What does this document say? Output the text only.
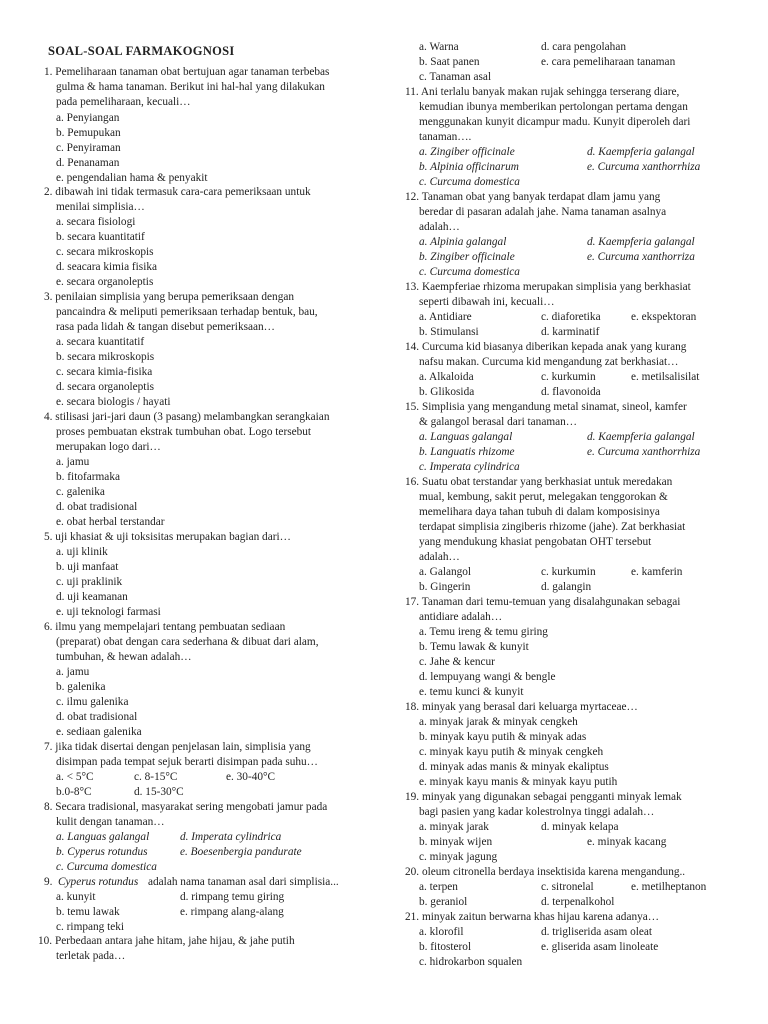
SOAL-SOAL FARMAKOGNOSI
1. Pemeliharaan tanaman obat bertujuan agar tanaman terbebas
gulma & hama tanaman. Berikut ini hal-hal yang dilakukan
pada pemeliharaan, kecuali…
a. Penyiangan
b. Pemupukan
c. Penyiraman
d. Penanaman
e. pengendalian hama & penyakit
2. dibawah ini tidak termasuk cara-cara pemeriksaan untuk
menilai simplisia…
a. secara fisiologi
b. secara kuantitatif
c. secara mikroskopis
d. seacara kimia fisika
e. secara organoleptis
3. penilaian simplisia yang berupa pemeriksaan dengan
pancaindra & meliputi pemeriksaan terhadap bentuk, bau,
rasa pada lidah & tangan disebut pemeriksaan…
a. secara kuantitatif
b. secara mikroskopis
c. secara kimia-fisika
d. secara organoleptis
e. secara biologis / hayati
4. stilisasi jari-jari daun (3 pasang) melambangkan serangkaian
proses pembuatan ekstrak tumbuhan obat. Logo tersebut
merupakan logo dari…
a. jamu
b. fitofarmaka
c. galenika
d. obat tradisional
e. obat herbal terstandar
5. uji khasiat & uji toksisitas merupakan bagian dari…
a. uji klinik
b. uji manfaat
c. uji praklinik
d. uji keamanan
e. uji teknologi farmasi
6. ilmu yang mempelajari tentang pembuatan sediaan
(preparat) obat dengan cara sederhana & dibuat dari alam,
tumbuhan, & hewan adalah…
a. jamu
b. galenika
c. ilmu galenika
d. obat tradisional
e. sediaan galenika
7. jika tidak disertai dengan penjelasan lain, simplisia yang
disimpan pada tempat sejuk berarti disimpan pada suhu…
a. < 5°C	c. 8-15°C	e. 30-40°C
b.0-8°C	d. 15-30°C
8. Secara tradisional, masyarakat sering mengobati jamur pada
kulit dengan tanaman…
a. Languas galangal	d. Imperata cylindrica
b. Cyperus rotundus	e. Boesenbergia pandurate
c. Curcuma domestica
9. Cyperus rotundus adalah nama tanaman asal dari simplisia...
a. kunyit	d. rimpang temu giring
b. temu lawak	e. rimpang alang-alang
c. rimpang teki
10. Perbedaan antara jahe hitam, jahe hijau, & jahe putih
terletak pada…
a. Warna	d. cara pengolahan
b. Saat panen	e. cara pemeliharaan tanaman
c. Tanaman asal
11. Ani terlalu banyak makan rujak sehingga terserang diare,
kemudian ibunya memberikan pertolongan pertama dengan
menggunakan kunyit dicampur madu. Kunyit diperoleh dari
tanaman….
a. Zingiber officinale	d. Kaempferia galangal
b. Alpinia officinarum	e. Curcuma xanthorrhiza
c. Curcuma domestica
12. Tanaman obat yang banyak terdapat dlam jamu yang
beredar di pasaran adalah jahe. Nama tanaman asalnya
adalah…
a. Alpinia galangal	d. Kaempferia galangal
b. Zingiber officinale	e. Curcuma xanthorriza
c. Curcuma domestica
13. Kaempferiae rhizoma merupakan simplisia yang berkhasiat
seperti dibawah ini, kecuali…
a. Antidiare	c. diaforetika	e. ekspektoran
b. Stimulansi	d. karminatif
14. Curcuma kid biasanya diberikan kepada anak yang kurang
nafsu makan. Curcuma kid mengandung zat berkhasiat…
a. Alkaloida	c. kurkumin	e. metilsalisilat
b. Glikosida	d. flavonoida
15. Simplisia yang mengandung metal sinamat, sineol, kamfer
& galangol berasal dari tanaman…
a. Languas galangal	d. Kaempferia galangal
b. Languatis rhizome	e. Curcuma xanthorrhiza
c. Imperata cylindrica
16. Suatu obat terstandar yang berkhasiat untuk meredakan
mual, kembung, sakit perut, melegakan tenggorokan &
memelihara daya tahan tubuh di dalam komposisinya
terdapat simplisia zingiberis rhizome (jahe). Zat berkhasiat
yang mendukung khasiat pengobatan OHT tersebut
adalah…
a. Galangol	c. kurkumin	e. kamferin
b. Gingerin	d. galangin
17. Tanaman dari temu-temuan yang disalahgunakan sebagai
antidiare adalah…
a. Temu ireng & temu giring
b. Temu lawak & kunyit
c. Jahe & kencur
d. lempuyang wangi & bengle
e. temu kunci & kunyit
18. minyak yang berasal dari keluarga myrtaceae…
a. minyak jarak & minyak cengkeh
b. minyak kayu putih & minyak adas
c. minyak kayu putih & minyak cengkeh
d. minyak adas manis & minyak ekaliptus
e. minyak kayu manis & minyak kayu putih
19. minyak yang digunakan sebagai pengganti minyak lemak
bagi pasien yang kadar kolestrolnya tinggi adalah…
a. minyak jarak	d. minyak kelapa
b. minyak wijen	e. minyak kacang
c. minyak jagung
20. oleum citronella berdaya insektisida karena mengandung..
a. terpen	c. sitronelal	e. metilheptanon
b. geraniol	d. terpenalkohol
21. minyak zaitun berwarna khas hijau karena adanya…
a. klorofil	d. trigliserida asam oleat
b. fitosterol	e. gliserida asam linoleate
c. hidrokarbon squalen
